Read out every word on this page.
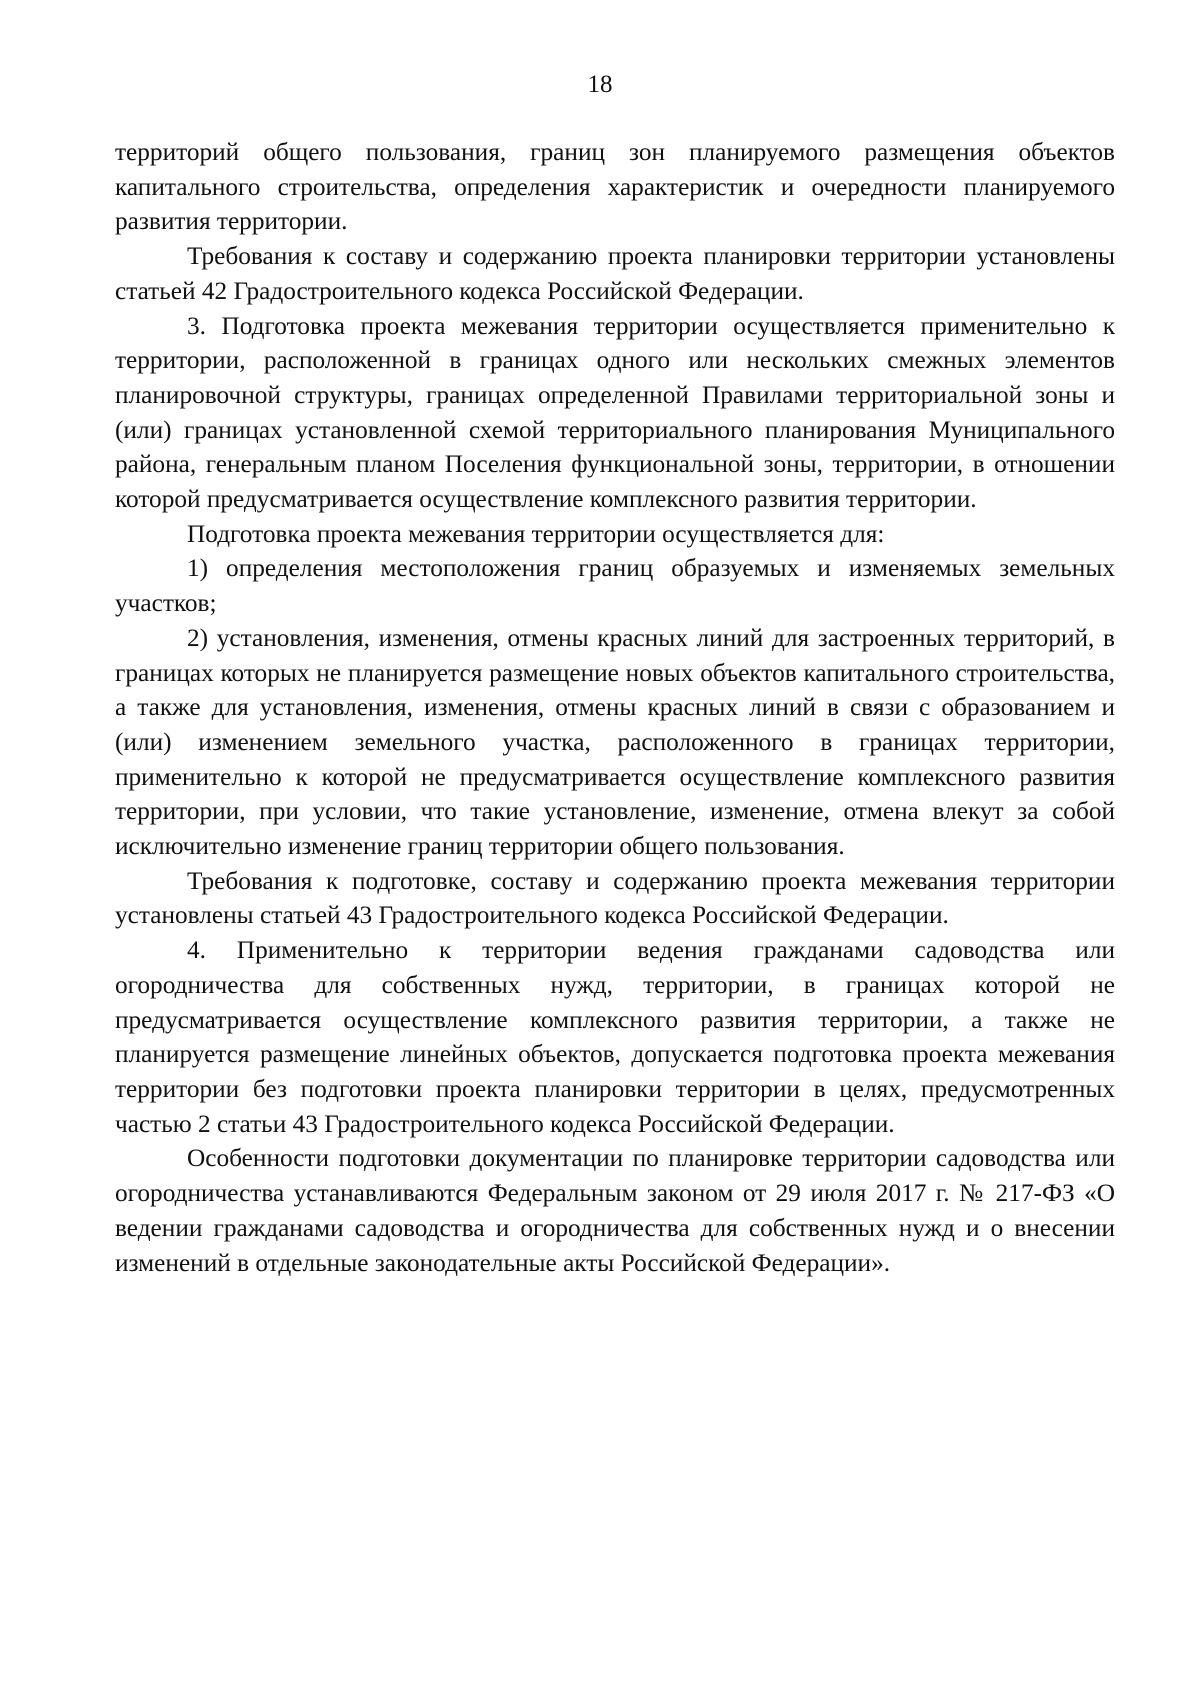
18

территорий общего пользования, границ зон планируемого размещения объектов капитального строительства, определения характеристик и очередности планируемого развития территории.

Требования к составу и содержанию проекта планировки территории установлены статьей 42 Градостроительного кодекса Российской Федерации.

3. Подготовка проекта межевания территории осуществляется применительно к территории, расположенной в границах одного или нескольких смежных элементов планировочной структуры, границах определенной Правилами территориальной зоны и (или) границах установленной схемой территориального планирования Муниципального района, генеральным планом Поселения функциональной зоны, территории, в отношении которой предусматривается осуществление комплексного развития территории.

Подготовка проекта межевания территории осуществляется для:

1) определения местоположения границ образуемых и изменяемых земельных участков;

2) установления, изменения, отмены красных линий для застроенных территорий, в границах которых не планируется размещение новых объектов капитального строительства, а также для установления, изменения, отмены красных линий в связи с образованием и (или) изменением земельного участка, расположенного в границах территории, применительно к которой не предусматривается осуществление комплексного развития территории, при условии, что такие установление, изменение, отмена влекут за собой исключительно изменение границ территории общего пользования.

Требования к подготовке, составу и содержанию проекта межевания территории установлены статьей 43 Градостроительного кодекса Российской Федерации.

4. Применительно к территории ведения гражданами садоводства или огородничества для собственных нужд, территории, в границах которой не предусматривается осуществление комплексного развития территории, а также не планируется размещение линейных объектов, допускается подготовка проекта межевания территории без подготовки проекта планировки территории в целях, предусмотренных частью 2 статьи 43 Градостроительного кодекса Российской Федерации.

Особенности подготовки документации по планировке территории садоводства или огородничества устанавливаются Федеральным законом от 29 июля 2017 г. № 217-ФЗ «О ведении гражданами садоводства и огородничества для собственных нужд и о внесении изменений в отдельные законодательные акты Российской Федерации».
